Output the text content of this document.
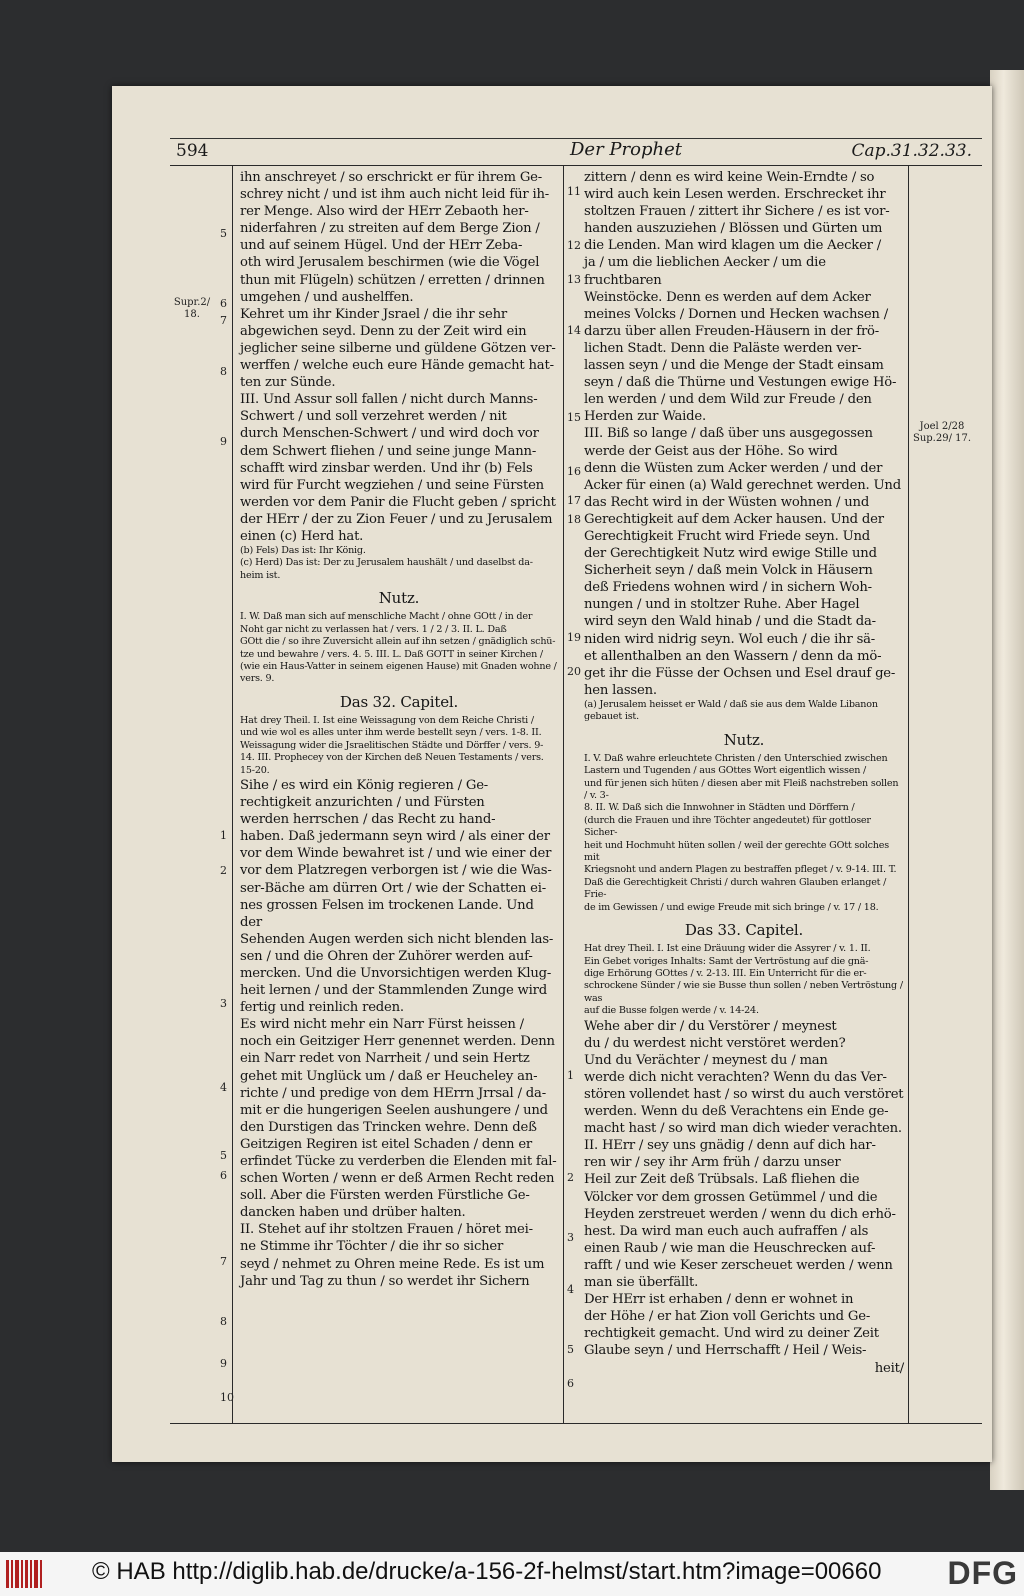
594	Der Prophet	Cap.31.32.33.
Supr.2/ 18.
Joel 2/28 Sup.29/ 17.

ihn anschreyet / so erschrickt er für ihrem Ge-

schrey nicht / und ist ihm auch nicht leid für ih-

rer Menge. Also wird der HErr Zebaoth her-

niderfahren / zu streiten auf dem Berge Zion /

und auf seinem Hügel. Und der HErr Zeba-

oth wird Jerusalem beschirmen (wie die Vögel

thun mit Flügeln) schützen / erretten / drinnen

umgehen / und aushelffen.

Kehret um ihr Kinder Jsrael / die ihr sehr

abgewichen seyd. Denn zu der Zeit wird ein

jeglicher seine silberne und güldene Götzen ver-

werffen / welche euch eure Hände gemacht hat-

ten zur Sünde.

III. Und Assur soll fallen / nicht durch Manns-

Schwert / und soll verzehret werden / nit

durch Menschen-Schwert / und wird doch vor

dem Schwert fliehen / und seine junge Mann-

schafft wird zinsbar werden. Und ihr (b) Fels

wird für Furcht wegziehen / und seine Fürsten

werden vor dem Panir die Flucht geben / spricht

der HErr / der zu Zion Feuer / und zu Jerusalem

einen (c) Herd hat.

(b) Fels) Das ist: Ihr König.

(c) Herd) Das ist: Der zu Jerusalem haushält / und daselbst da-

heim ist.

Nutz.

I. W. Daß man sich auf menschliche Macht / ohne GOtt / in der

Noht gar nicht zu verlassen hat / vers. 1 / 2 / 3. II. L. Daß

GOtt die / so ihre Zuversicht allein auf ihn setzen / gnädiglich schü-

tze und bewahre / vers. 4. 5. III. L. Daß GOTT in seiner Kirchen /

(wie ein Haus-Vatter in seinem eigenen Hause) mit Gnaden wohne /

vers. 9.

Das 32. Capitel.

Hat drey Theil. I. Ist eine Weissagung von dem Reiche Christi /

und wie wol es alles unter ihm werde bestellt seyn / vers. 1-8. II.

Weissagung wider die Jsraelitischen Städte und Dörffer / vers. 9-

14. III. Prophecey von der Kirchen deß Neuen Testaments / vers.

15-20.

Sihe / es wird ein König regieren / Ge-

rechtigkeit anzurichten / und Fürsten

werden herrschen / das Recht zu hand-

haben. Daß jedermann seyn wird / als einer der

vor dem Winde bewahret ist / und wie einer der

vor dem Platzregen verborgen ist / wie die Was-

ser-Bäche am dürren Ort / wie der Schatten ei-

nes grossen Felsen im trockenen Lande. Und der

Sehenden Augen werden sich nicht blenden las-

sen / und die Ohren der Zuhörer werden auf-

mercken. Und die Unvorsichtigen werden Klug-

heit lernen / und der Stammlenden Zunge wird

fertig und reinlich reden.

Es wird nicht mehr ein Narr Fürst heissen /

noch ein Geitziger Herr genennet werden. Denn

ein Narr redet von Narrheit / und sein Hertz

gehet mit Unglück um / daß er Heucheley an-

richte / und predige von dem HErrn Jrrsal / da-

mit er die hungerigen Seelen aushungere / und

den Durstigen das Trincken wehre. Denn deß

Geitzigen Regiren ist eitel Schaden / denn er

erfindet Tücke zu verderben die Elenden mit fal-

schen Worten / wenn er deß Armen Recht reden

soll. Aber die Fürsten werden Fürstliche Ge-

dancken haben und drüber halten.

II. Stehet auf ihr stoltzen Frauen / höret mei-

ne Stimme ihr Töchter / die ihr so sicher

seyd / nehmet zu Ohren meine Rede. Es ist um

Jahr und Tag zu thun / so werdet ihr Sichern

zittern / denn es wird keine Wein-Erndte / so

wird auch kein Lesen werden. Erschrecket ihr

stoltzen Frauen / zittert ihr Sichere / es ist vor-

handen auszuziehen / Blössen und Gürten um

die Lenden. Man wird klagen um die Aecker /

ja / um die lieblichen Aecker / um die fruchtbaren

Weinstöcke. Denn es werden auf dem Acker

meines Volcks / Dornen und Hecken wachsen /

darzu über allen Freuden-Häusern in der frö-

lichen Stadt. Denn die Paläste werden ver-

lassen seyn / und die Menge der Stadt einsam

seyn / daß die Thürne und Vestungen ewige Hö-

len werden / und dem Wild zur Freude / den

Herden zur Waide.

III. Biß so lange / daß über uns ausgegossen

werde der Geist aus der Höhe. So wird

denn die Wüsten zum Acker werden / und der

Acker für einen (a) Wald gerechnet werden. Und

das Recht wird in der Wüsten wohnen / und

Gerechtigkeit auf dem Acker hausen. Und der

Gerechtigkeit Frucht wird Friede seyn. Und

der Gerechtigkeit Nutz wird ewige Stille und

Sicherheit seyn / daß mein Volck in Häusern

deß Friedens wohnen wird / in sichern Woh-

nungen / und in stoltzer Ruhe. Aber Hagel

wird seyn den Wald hinab / und die Stadt da-

niden wird nidrig seyn. Wol euch / die ihr sä-

et allenthalben an den Wassern / denn da mö-

get ihr die Füsse der Ochsen und Esel drauf ge-

hen lassen.

(a) Jerusalem heisset er Wald / daß sie aus dem Walde Libanon

gebauet ist.

Nutz.

I. V. Daß wahre erleuchtete Christen / den Unterschied zwischen

Lastern und Tugenden / aus GOttes Wort eigentlich wissen /

und für jenen sich hüten / diesen aber mit Fleiß nachstreben sollen / v. 3-

8. II. W. Daß sich die Innwohner in Städten und Dörffern /

(durch die Frauen und ihre Töchter angedeutet) für gottloser Sicher-

heit und Hochmuht hüten sollen / weil der gerechte GOtt solches mit

Kriegsnoht und andern Plagen zu bestraffen pfleget / v. 9-14. III. T.

Daß die Gerechtigkeit Christi / durch wahren Glauben erlanget / Frie-

de im Gewissen / und ewige Freude mit sich bringe / v. 17 / 18.

Das 33. Capitel.

Hat drey Theil. I. Ist eine Dräuung wider die Assyrer / v. 1. II.

Ein Gebet voriges Inhalts: Samt der Vertröstung auf die gnä-

dige Erhörung GOttes / v. 2-13. III. Ein Unterricht für die er-

schrockene Sünder / wie sie Busse thun sollen / neben Vertröstung / was

auf die Busse folgen werde / v. 14-24.

Wehe aber dir / du Verstörer / meynest

du / du werdest nicht verstöret werden?

Und du Verächter / meynest du / man

werde dich nicht verachten? Wenn du das Ver-

stören vollendet hast / so wirst du auch verstöret

werden. Wenn du deß Verachtens ein Ende ge-

macht hast / so wird man dich wieder verachten.

II. HErr / sey uns gnädig / denn auf dich har-

ren wir / sey ihr Arm früh / darzu unser

Heil zur Zeit deß Trübsals. Laß fliehen die

Völcker vor dem grossen Getümmel / und die

Heyden zerstreuet werden / wenn du dich erhö-

hest. Da wird man euch auch aufraffen / als

einen Raub / wie man die Heuschrecken auf-

rafft / und wie Keser zerscheuet werden / wenn

man sie überfällt.

Der HErr ist erhaben / denn er wohnet in

der Höhe / er hat Zion voll Gerichts und Ge-

rechtigkeit gemacht. Und wird zu deiner Zeit

Glaube seyn / und Herrschafft / Heil / Weis-

heit/

5
6
7
8
9
1
2
3
4
5
6
7
8
9
10
11
12
13
14
15
16
17
18
19
20
1
2
3
4
5
6
© HAB http://diglib.hab.de/drucke/a-156-2f-helmst/start.htm?image=00660 DFG
